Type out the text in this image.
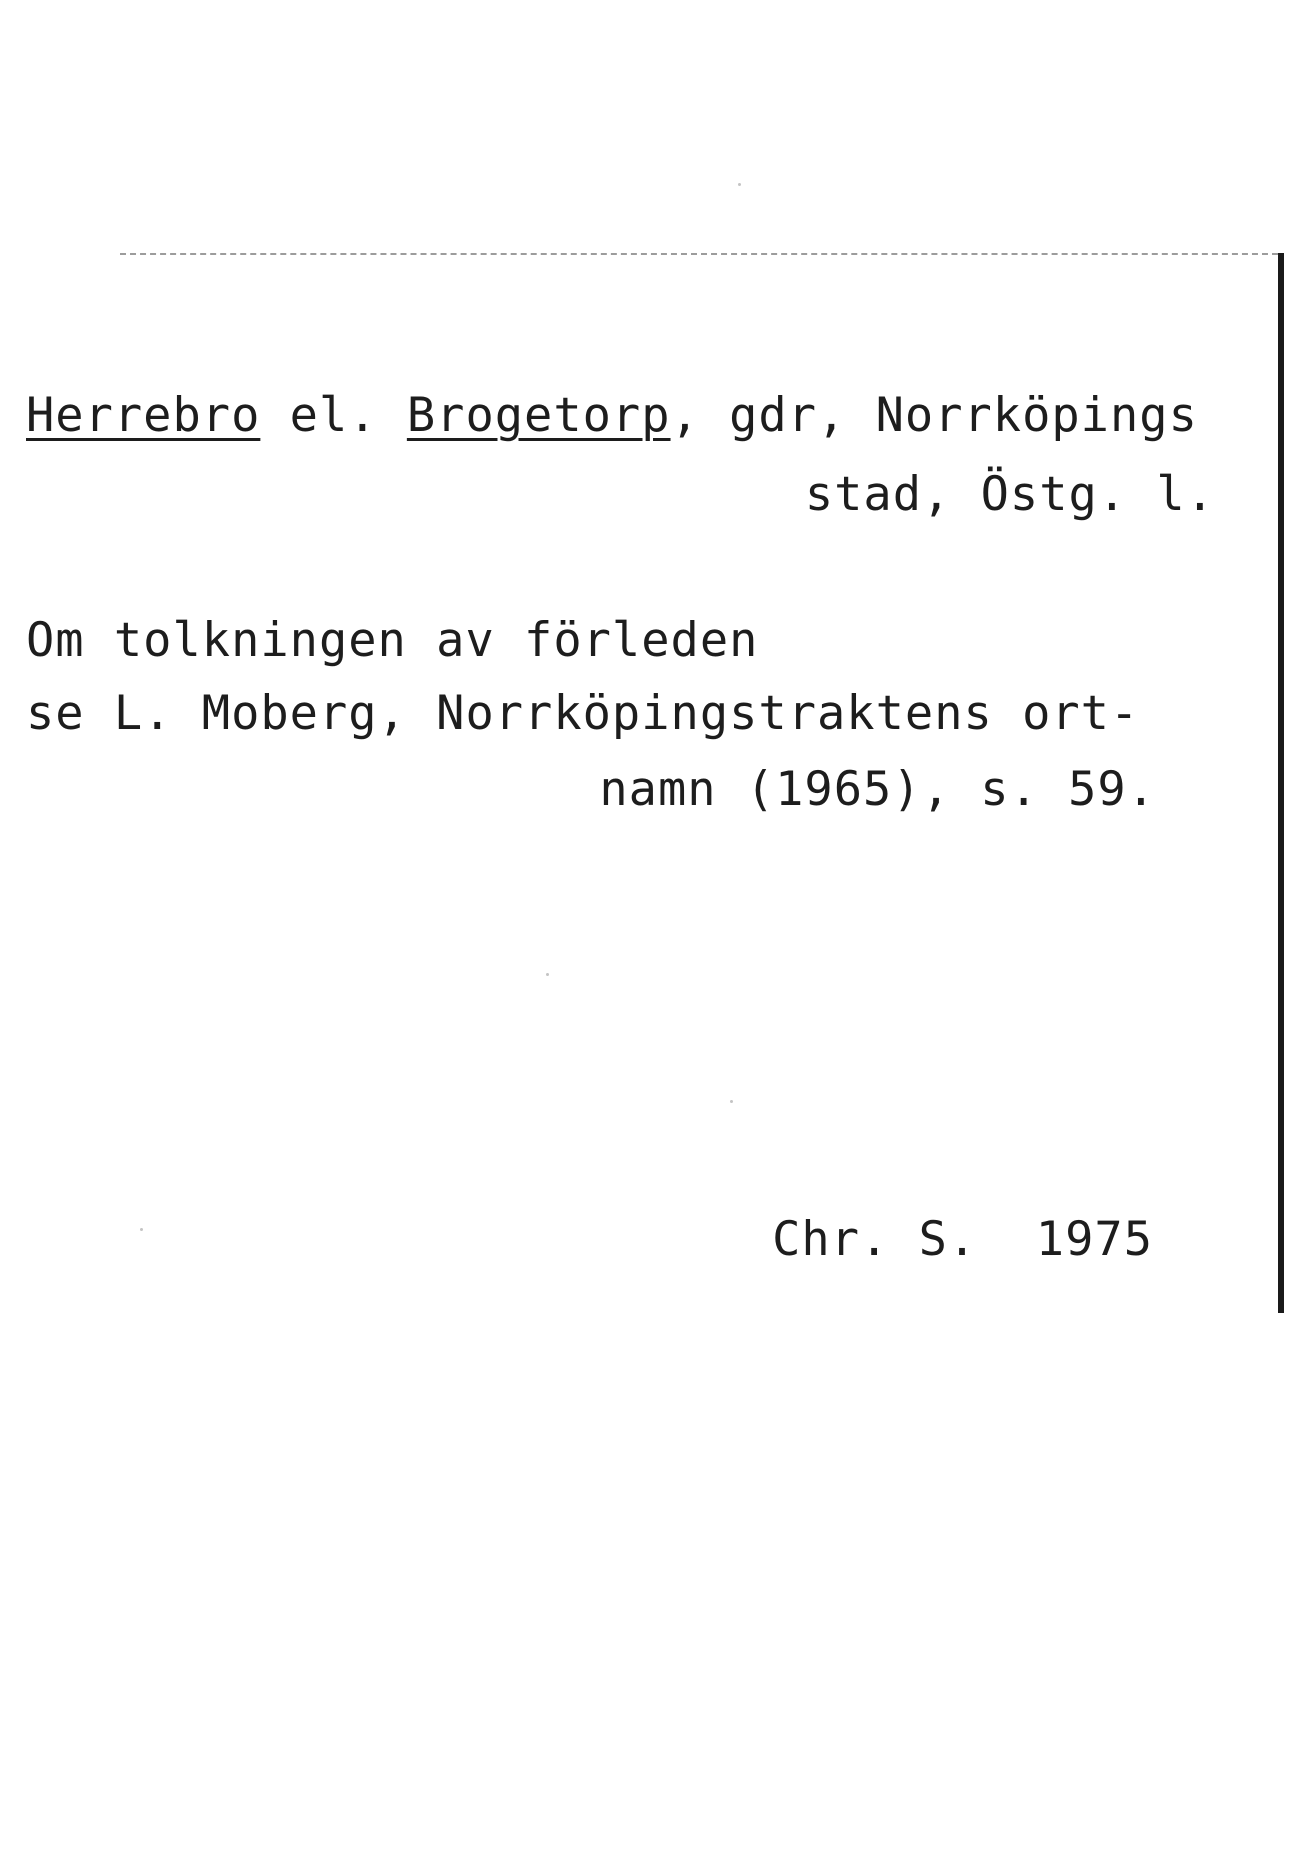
Herrebro el. Brogetorp, gdr, Norrköpings
stad, Östg. l.
Om tolkningen av förleden
se L. Moberg, Norrköpingstraktens ort-
namn (1965), s. 59.
Chr. S.  1975
